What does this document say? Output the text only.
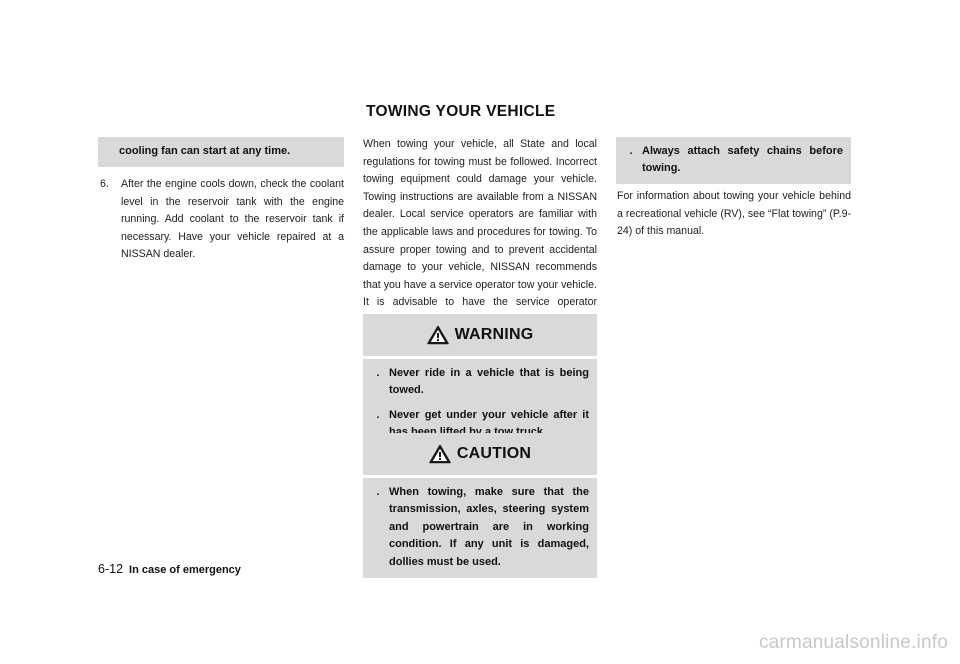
TOWING YOUR VEHICLE
cooling fan can start at any time.
6.	After the engine cools down, check the coolant level in the reservoir tank with the engine running. Add coolant to the reservoir tank if necessary. Have your vehicle repaired at a NISSAN dealer.

When towing your vehicle, all State and local regulations for towing must be followed. Incorrect towing equipment could damage your vehicle. Towing instructions are available from a NISSAN dealer. Local service operators are familiar with the applicable laws and procedures for towing. To assure proper towing and to prevent accidental damage to your vehicle, NISSAN recommends that you have a service operator tow your vehicle. It is advisable to have the service operator

WARNING
. Never ride in a vehicle that is being towed.
. Never get under your vehicle after it
CAUTION
. When towing, make sure that the transmission, axles, steering system and powertrain are in working condition. If any unit is damaged, dollies must be used.
. Always attach safety chains before towing.

For information about towing your vehicle behind a recreational vehicle (RV), see “Flat towing” (P.9-24) of this manual.

6-12 In case of emergency
carmanualsonline.info
